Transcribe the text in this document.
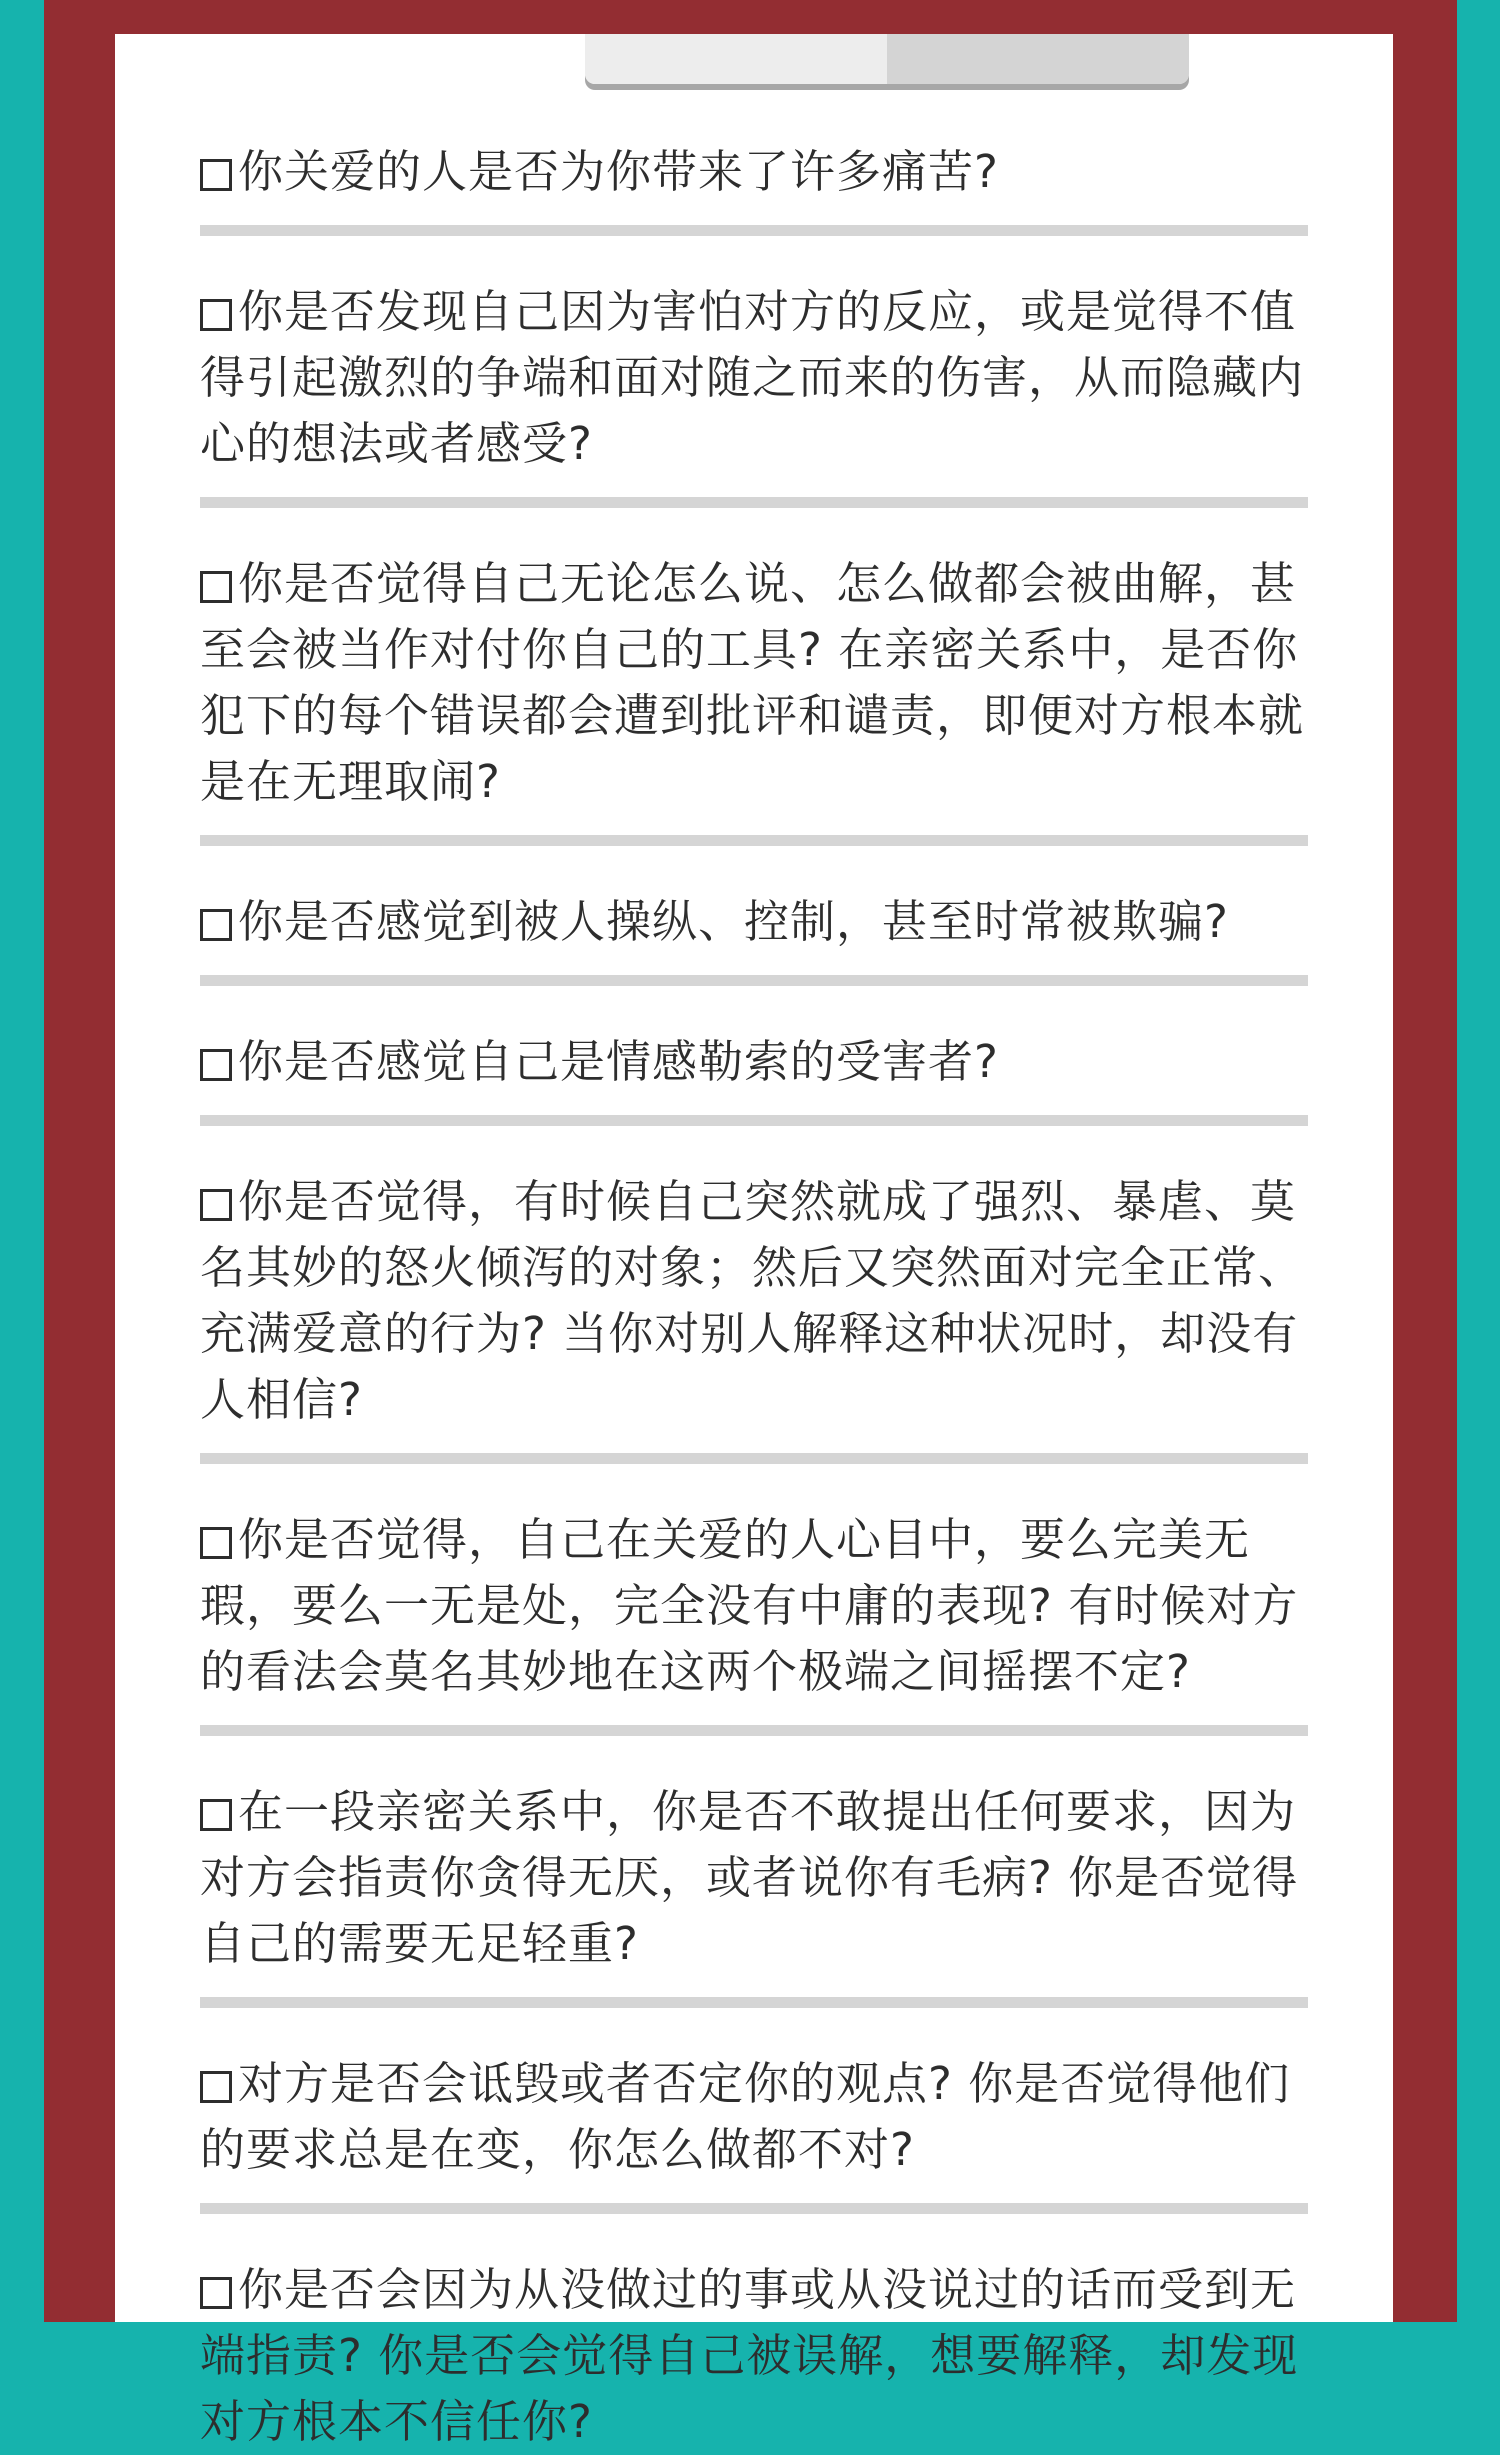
你关爱的人是否为你带来了许多痛苦?

你是否发现自己因为害怕对方的反应，或是觉得不值得引起激烈的争端和面对随之而来的伤害，从而隐藏内心的想法或者感受?

你是否觉得自己无论怎么说、怎么做都会被曲解，甚至会被当作对付你自己的工具? 在亲密关系中，是否你犯下的每个错误都会遭到批评和谴责，即便对方根本就是在无理取闹?

你是否感觉到被人操纵、控制，甚至时常被欺骗?

你是否感觉自己是情感勒索的受害者?

你是否觉得，有时候自己突然就成了强烈、暴虐、莫名其妙的怒火倾泻的对象；然后又突然面对完全正常、充满爱意的行为? 当你对别人解释这种状况时，却没有人相信?

你是否觉得，自己在关爱的人心目中，要么完美无瑕，要么一无是处，完全没有中庸的表现? 有时候对方的看法会莫名其妙地在这两个极端之间摇摆不定?

在一段亲密关系中，你是否不敢提出任何要求，因为对方会指责你贪得无厌，或者说你有毛病? 你是否觉得自己的需要无足轻重?

对方是否会诋毁或者否定你的观点? 你是否觉得他们的要求总是在变，你怎么做都不对?

你是否会因为从没做过的事或从没说过的话而受到无端指责? 你是否会觉得自己被误解，想要解释，却发现对方根本不信任你?
